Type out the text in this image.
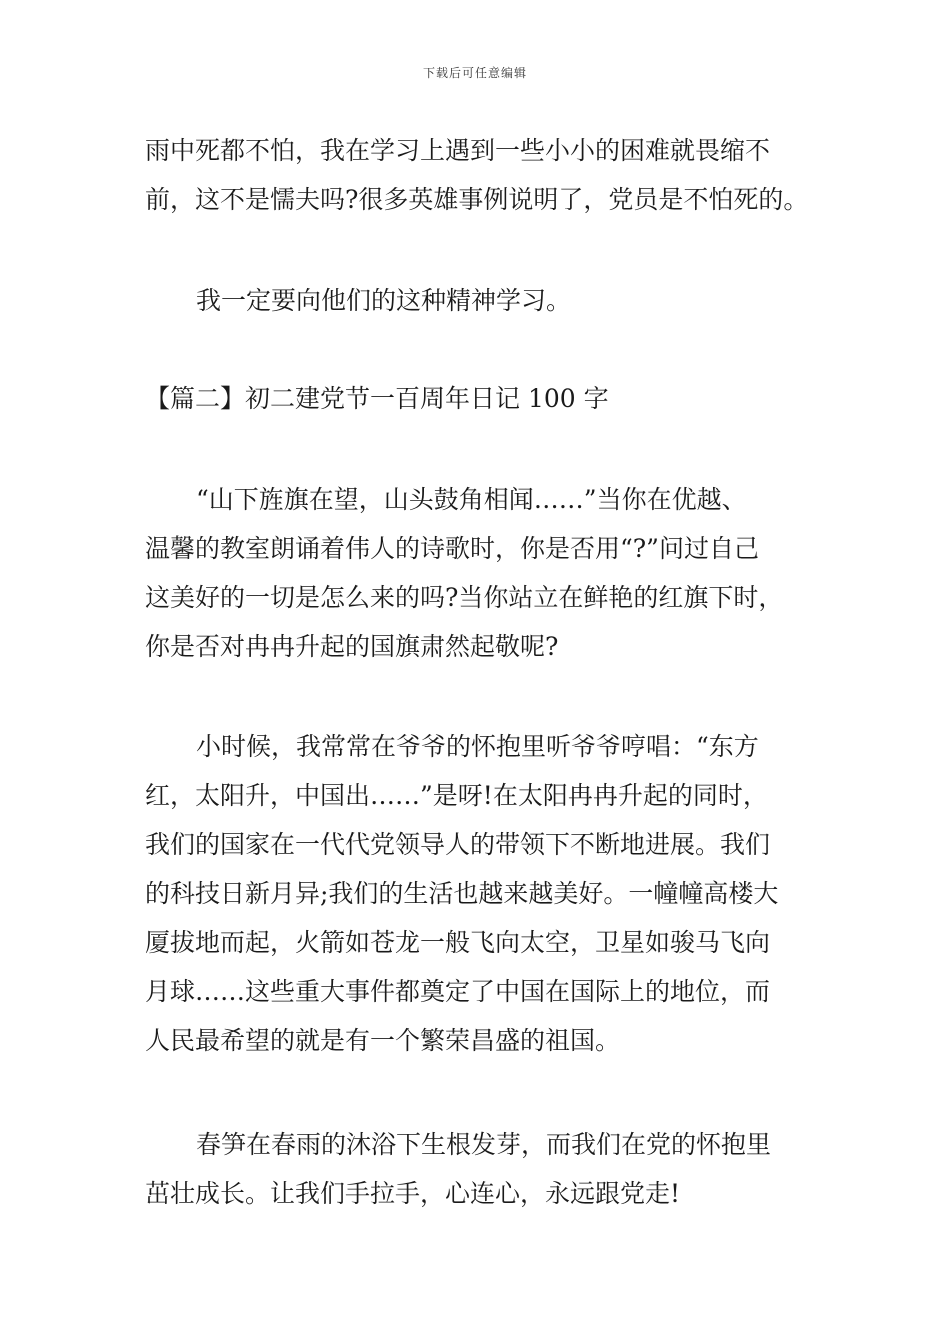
下载后可任意编辑
雨中死都不怕，我在学习上遇到一些小小的困难就畏缩不
前，这不是懦夫吗?很多英雄事例说明了，党员是不怕死的。
我一定要向他们的这种精神学习。
【篇二】初二建党节一百周年日记 100 字
“山下旌旗在望，山头鼓角相闻……”当你在优越、
温馨的教室朗诵着伟人的诗歌时，你是否用“?”问过自己
这美好的一切是怎么来的吗?当你站立在鲜艳的红旗下时，
你是否对冉冉升起的国旗肃然起敬呢?
小时候，我常常在爷爷的怀抱里听爷爷哼唱：“东方
红，太阳升，中国出……”是呀!在太阳冉冉升起的同时，
我们的国家在一代代党领导人的带领下不断地进展。我们
的科技日新月异;我们的生活也越来越美好。一幢幢高楼大
厦拔地而起，火箭如苍龙一般飞向太空，卫星如骏马飞向
月球……这些重大事件都奠定了中国在国际上的地位，而
人民最希望的就是有一个繁荣昌盛的祖国。
春笋在春雨的沐浴下生根发芽，而我们在党的怀抱里
茁壮成长。让我们手拉手，心连心，永远跟党走!
